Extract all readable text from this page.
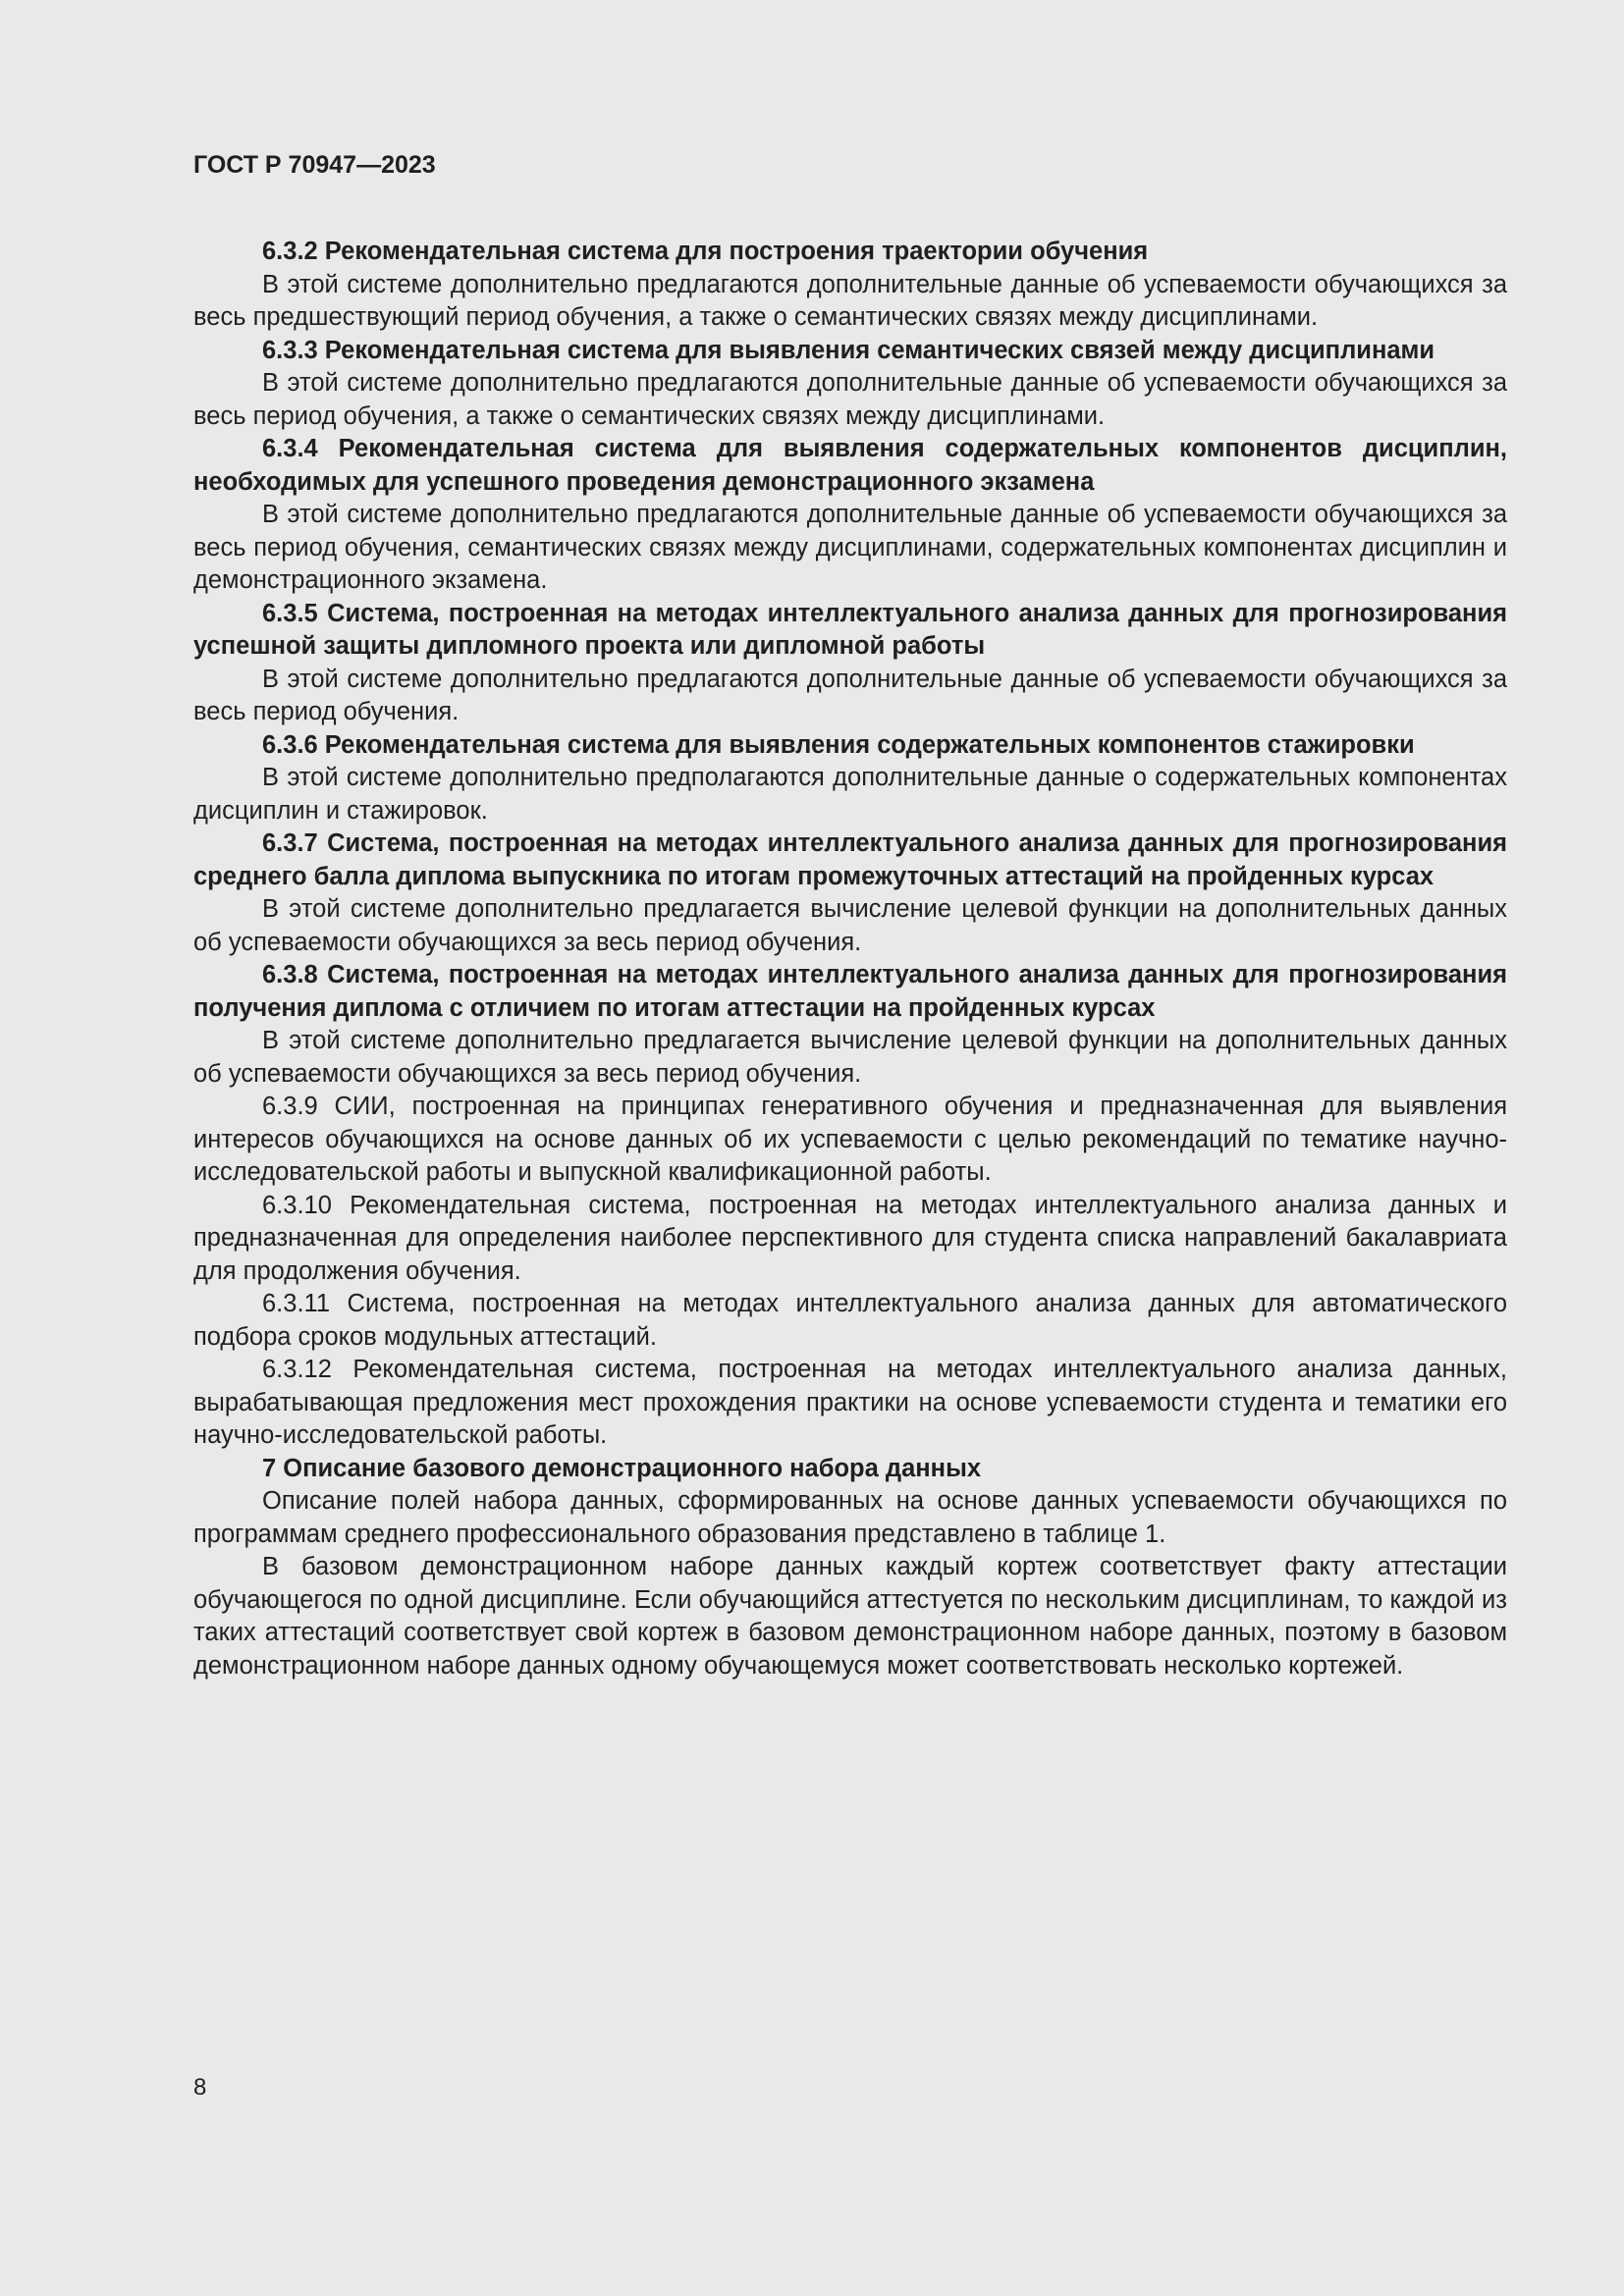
ГОСТ Р 70947—2023

6.3.2 Рекомендательная система для построения траектории обучения

В этой системе дополнительно предлагаются дополнительные данные об успеваемости обучающихся за весь предшествующий период обучения, а также о семантических связях между дисциплинами.

6.3.3 Рекомендательная система для выявления семантических связей между дисциплинами

В этой системе дополнительно предлагаются дополнительные данные об успеваемости обучающихся за весь период обучения, а также о семантических связях между дисциплинами.

6.3.4 Рекомендательная система для выявления содержательных компонентов дисциплин, необходимых для успешного проведения демонстрационного экзамена

В этой системе дополнительно предлагаются дополнительные данные об успеваемости обучающихся за весь период обучения, семантических связях между дисциплинами, содержательных компонентах дисциплин и демонстрационного экзамена.

6.3.5 Система, построенная на методах интеллектуального анализа данных для прогнозирования успешной защиты дипломного проекта или дипломной работы

В этой системе дополнительно предлагаются дополнительные данные об успеваемости обучающихся за весь период обучения.

6.3.6 Рекомендательная система для выявления содержательных компонентов стажировки

В этой системе дополнительно предполагаются дополнительные данные о содержательных компонентах дисциплин и стажировок.

6.3.7 Система, построенная на методах интеллектуального анализа данных для прогнозирования среднего балла диплома выпускника по итогам промежуточных аттестаций на пройденных курсах

В этой системе дополнительно предлагается вычисление целевой функции на дополнительных данных об успеваемости обучающихся за весь период обучения.

6.3.8 Система, построенная на методах интеллектуального анализа данных для прогнозирования получения диплома с отличием по итогам аттестации на пройденных курсах

В этой системе дополнительно предлагается вычисление целевой функции на дополнительных данных об успеваемости обучающихся за весь период обучения.

6.3.9 СИИ, построенная на принципах генеративного обучения и предназначенная для выявления интересов обучающихся на основе данных об их успеваемости с целью рекомендаций по тематике научно-исследовательской работы и выпускной квалификационной работы.

6.3.10 Рекомендательная система, построенная на методах интеллектуального анализа данных и предназначенная для определения наиболее перспективного для студента списка направлений бакалавриата для продолжения обучения.

6.3.11 Система, построенная на методах интеллектуального анализа данных для автоматического подбора сроков модульных аттестаций.

6.3.12 Рекомендательная система, построенная на методах интеллектуального анализа данных, вырабатывающая предложения мест прохождения практики на основе успеваемости студента и тематики его научно-исследовательской работы.

7 Описание базового демонстрационного набора данных

Описание полей набора данных, сформированных на основе данных успеваемости обучающихся по программам среднего профессионального образования представлено в таблице 1.

В базовом демонстрационном наборе данных каждый кортеж соответствует факту аттестации обучающегося по одной дисциплине. Если обучающийся аттестуется по нескольким дисциплинам, то каждой из таких аттестаций соответствует свой кортеж в базовом демонстрационном наборе данных, поэтому в базовом демонстрационном наборе данных одному обучающемуся может соответствовать несколько кортежей.

8
